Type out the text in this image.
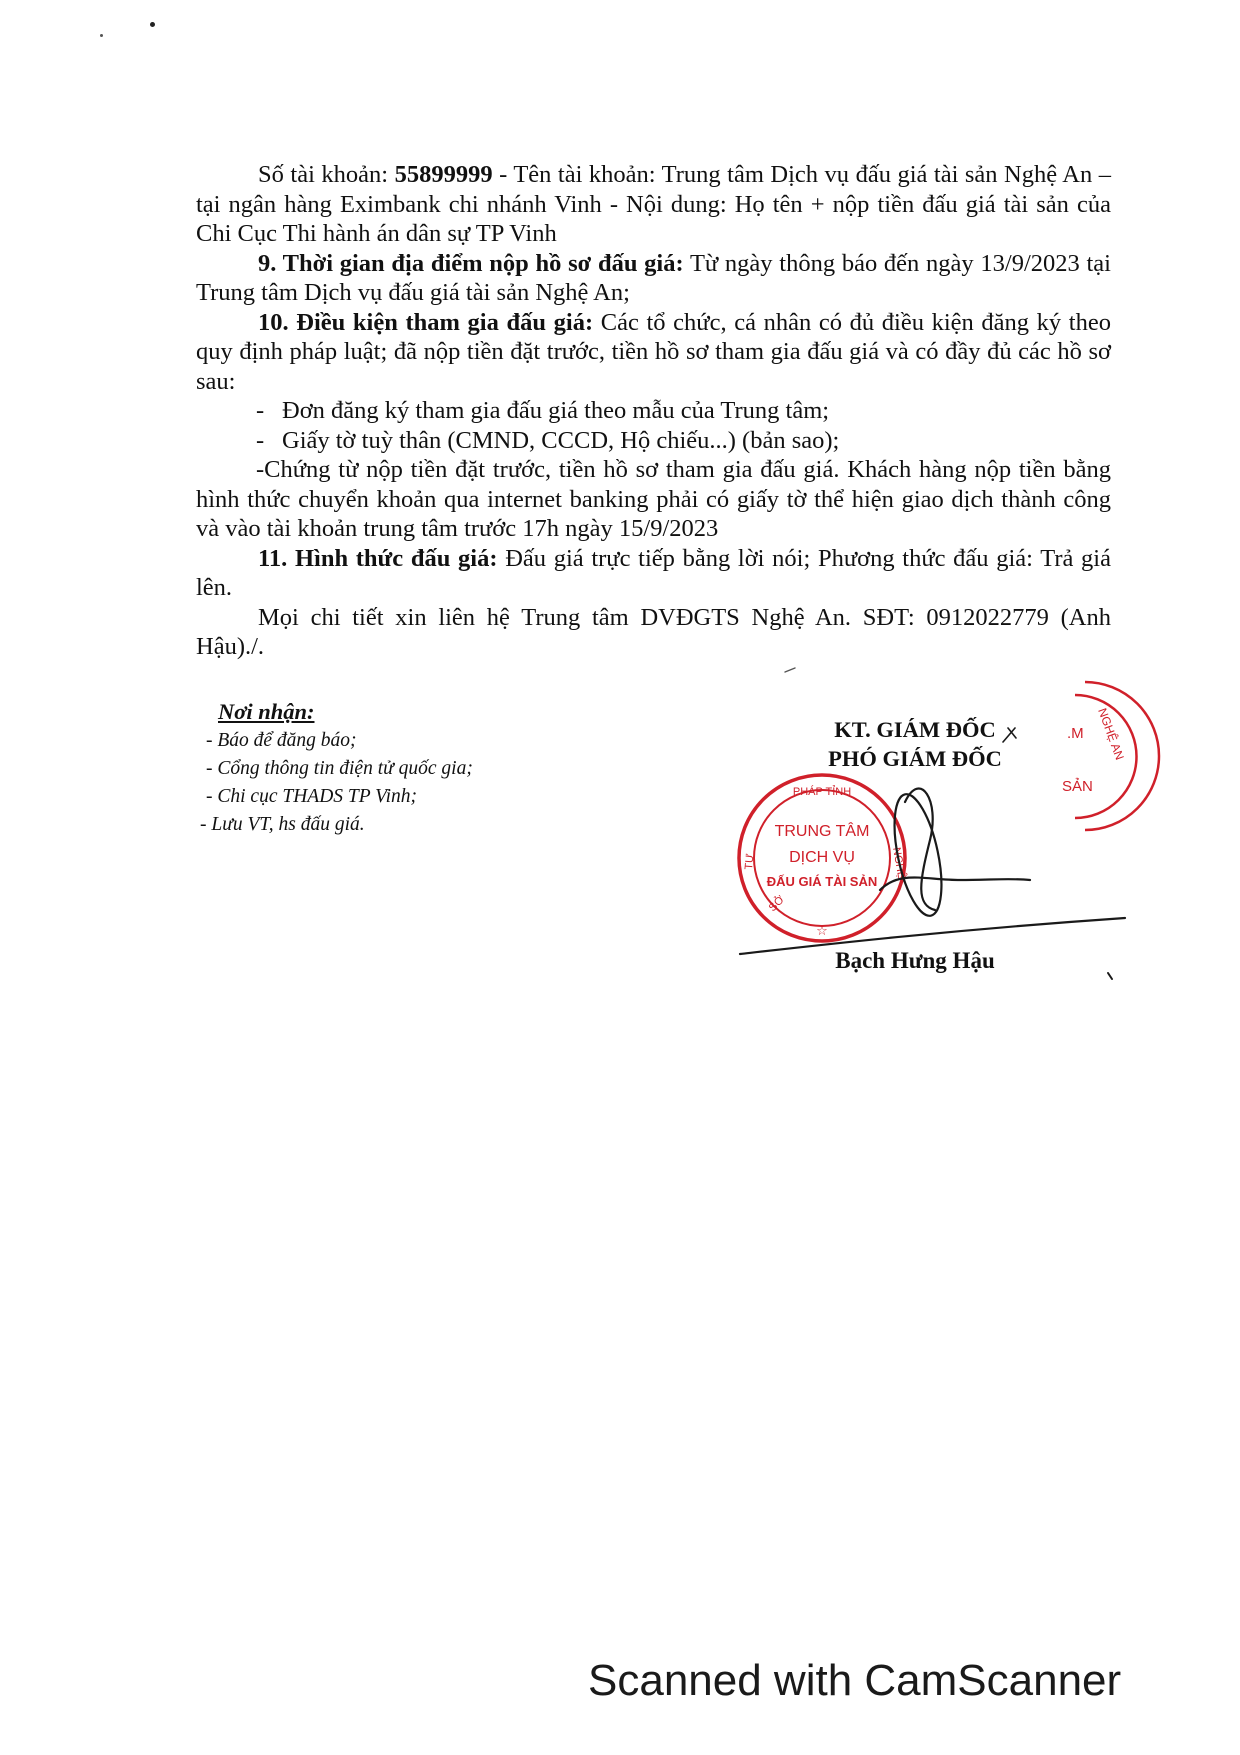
Số tài khoản: 55899999 - Tên tài khoản: Trung tâm Dịch vụ đấu giá tài sản Nghệ An – tại ngân hàng Eximbank chi nhánh Vinh - Nội dung: Họ tên + nộp tiền đấu giá tài sản của Chi Cục Thi hành án dân sự TP Vinh

9. Thời gian địa điểm nộp hồ sơ đấu giá: Từ ngày thông báo đến ngày 13/9/2023 tại Trung tâm Dịch vụ đấu giá tài sản Nghệ An;

10. Điều kiện tham gia đấu giá: Các tổ chức, cá nhân có đủ điều kiện đăng ký theo quy định pháp luật; đã nộp tiền đặt trước, tiền hồ sơ tham gia đấu giá và có đầy đủ các hồ sơ sau:

- Đơn đăng ký tham gia đấu giá theo mẫu của Trung tâm;

- Giấy tờ tuỳ thân (CMND, CCCD, Hộ chiếu...) (bản sao);

-Chứng từ nộp tiền đặt trước, tiền hồ sơ tham gia đấu giá. Khách hàng nộp tiền bằng hình thức chuyển khoản qua internet banking phải có giấy tờ thể hiện giao dịch thành công và vào tài khoản trung tâm trước 17h ngày 15/9/2023

11. Hình thức đấu giá: Đấu giá trực tiếp bằng lời nói; Phương thức đấu giá: Trả giá lên.

Mọi chi tiết xin liên hệ Trung tâm DVĐGTS Nghệ An. SĐT: 0912022779 (Anh Hậu)./.

Nơi nhận:
- Báo để đăng báo;
- Cổng thông tin điện tử quốc gia;
- Chi cục THADS TP Vinh;
- Lưu VT, hs đấu giá.
.M
SẢN
NGHỆ AN
TRUNG TÂM
DỊCH VỤ
ĐẤU GIÁ TÀI SẢN
PHÁP TỈNH
NGHỆ
TƯ
SỞ
☆
KT. GIÁM ĐỐC
PHÓ GIÁM ĐỐC
Bạch Hưng Hậu
Scanned with CamScanner
